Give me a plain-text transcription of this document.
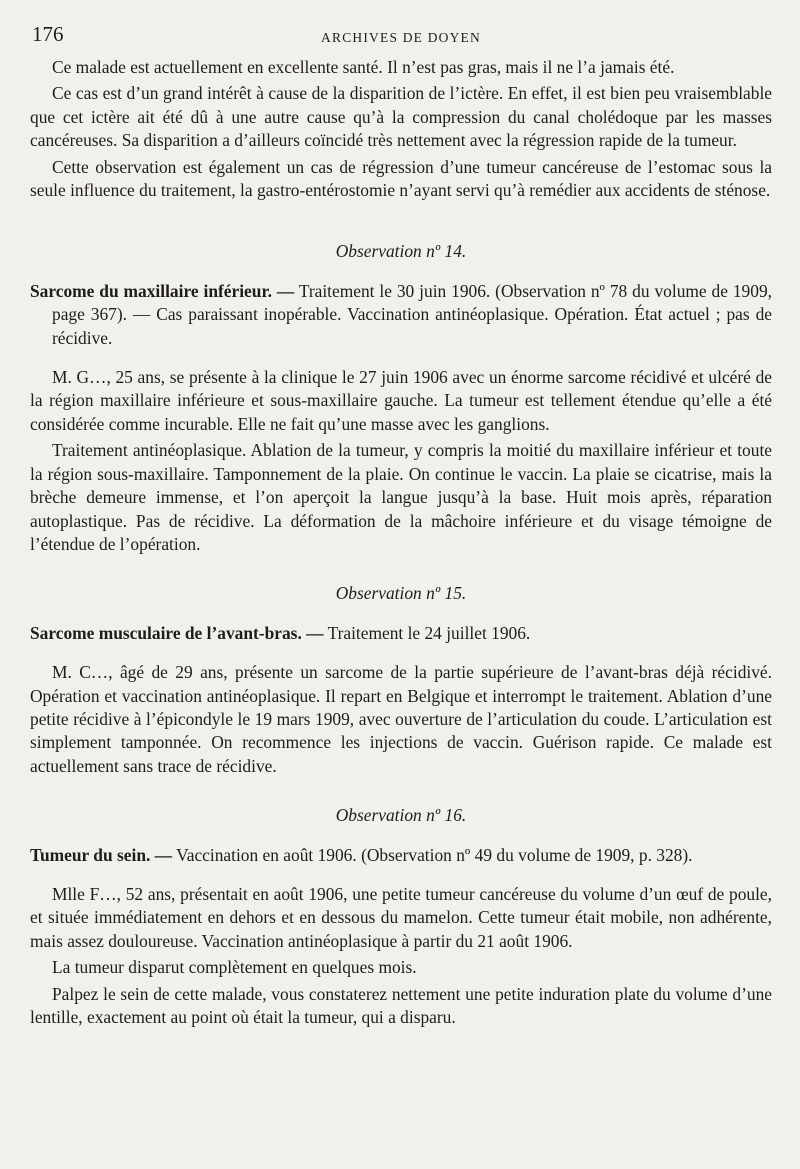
176	ARCHIVES DE DOYEN

Ce malade est actuellement en excellente santé. Il n’est pas gras, mais il ne l’a jamais été.

Ce cas est d’un grand intérêt à cause de la disparition de l’ictère. En effet, il est bien peu vraisemblable que cet ictère ait été dû à une autre cause qu’à la compression du canal cholédoque par les masses cancéreuses. Sa disparition a d’ailleurs coïncidé très nettement avec la régression rapide de la tumeur.

Cette observation est également un cas de régression d’une tumeur cancéreuse de l’estomac sous la seule influence du traitement, la gastro-entérostomie n’ayant servi qu’à remédier aux accidents de sténose.

Observation nº 14.

Sarcome du maxillaire inférieur. — Traitement le 30 juin 1906. (Observation nº 78 du volume de 1909, page 367). — Cas paraissant inopérable. Vaccination antinéoplasique. Opération. État actuel ; pas de récidive.

M. G…, 25 ans, se présente à la clinique le 27 juin 1906 avec un énorme sarcome récidivé et ulcéré de la région maxillaire inférieure et sous-maxillaire gauche. La tumeur est tellement étendue qu’elle a été considérée comme incurable. Elle ne fait qu’une masse avec les ganglions.

Traitement antinéoplasique. Ablation de la tumeur, y compris la moitié du maxillaire inférieur et toute la région sous-maxillaire. Tamponnement de la plaie. On continue le vaccin. La plaie se cicatrise, mais la brèche demeure immense, et l’on aperçoit la langue jusqu’à la base. Huit mois après, réparation autoplastique. Pas de récidive. La déformation de la mâchoire inférieure et du visage témoigne de l’étendue de l’opération.

Observation nº 15.

Sarcome musculaire de l’avant-bras. — Traitement le 24 juillet 1906.

M. C…, âgé de 29 ans, présente un sarcome de la partie supérieure de l’avant-bras déjà récidivé. Opération et vaccination antinéoplasique. Il repart en Belgique et interrompt le traitement. Ablation d’une petite récidive à l’épicondyle le 19 mars 1909, avec ouverture de l’articulation du coude. L’articulation est simplement tamponnée. On recommence les injections de vaccin. Guérison rapide. Ce malade est actuellement sans trace de récidive.

Observation nº 16.

Tumeur du sein. — Vaccination en août 1906. (Observation nº 49 du volume de 1909, p. 328).

Mlle F…, 52 ans, présentait en août 1906, une petite tumeur cancéreuse du volume d’un œuf de poule, et située immédiatement en dehors et en dessous du mamelon. Cette tumeur était mobile, non adhérente, mais assez douloureuse. Vaccination antinéoplasique à partir du 21 août 1906.

La tumeur disparut complètement en quelques mois.

Palpez le sein de cette malade, vous constaterez nettement une petite induration plate du volume d’une lentille, exactement au point où était la tumeur, qui a disparu.
